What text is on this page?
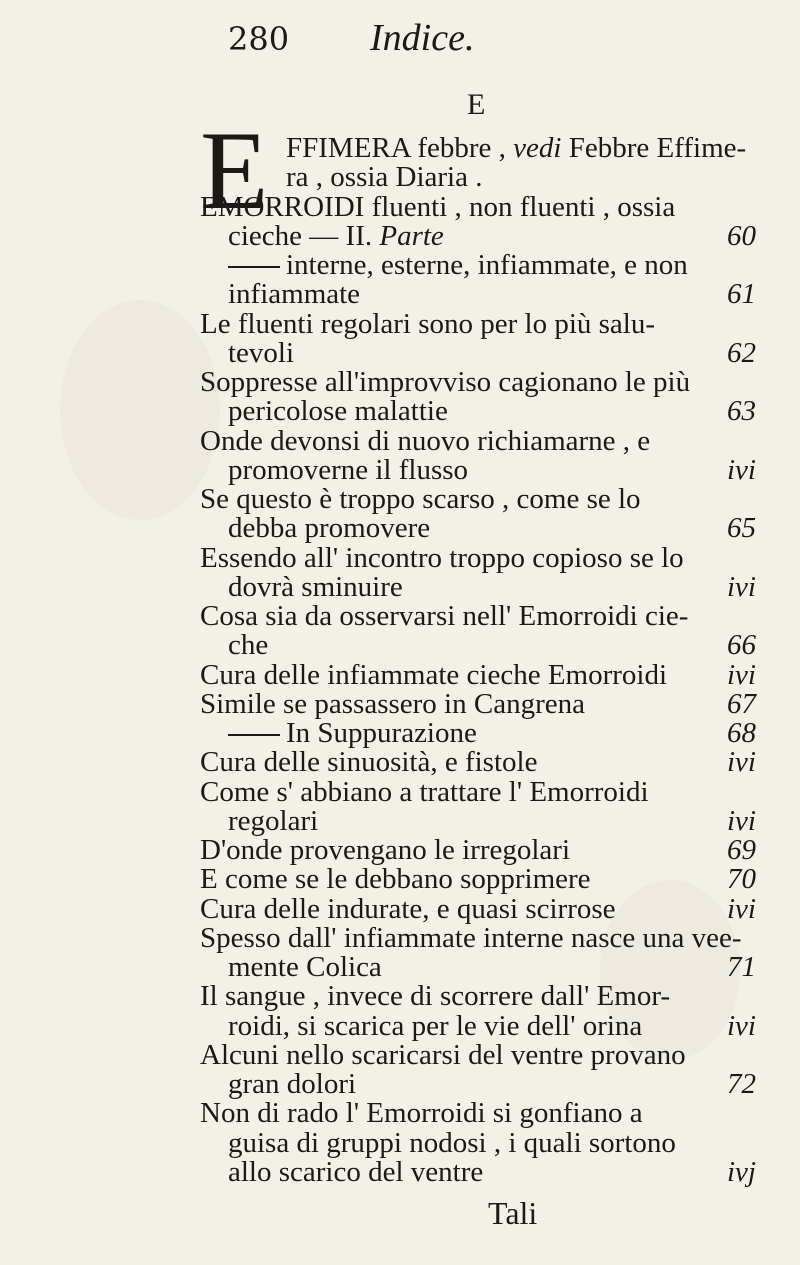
280 Indice.
E
E FFIMERA febbre , vedi Febbre Effime-
ra , ossia Diaria .
EMORROIDI fluenti , non fluenti , ossia
cieche — II. Parte	60
interne, esterne, infiammate, e non
infiammate	61
Le fluenti regolari sono per lo più salu-
tevoli	62
Soppresse all'improvviso cagionano le più
pericolose malattie	63
Onde devonsi di nuovo richiamarne , e
promoverne il flusso	ivi
Se questo è troppo scarso , come se lo
debba promovere	65
Essendo all' incontro troppo copioso se lo
dovrà sminuire	ivi
Cosa sia da osservarsi nell' Emorroidi cie-
che	66
Cura delle infiammate cieche Emorroidi ivi
Simile se passassero in Cangrena	67
In Suppurazione	68
Cura delle sinuosità, e fistole	ivi
Come s' abbiano a trattare l' Emorroidi
regolari	ivi
D'onde provengano le irregolari	69
E come se le debbano sopprimere	70
Cura delle indurate, e quasi scirrose	ivi
Spesso dall' infiammate interne nasce una vee-
mente Colica	71
Il sangue , invece di scorrere dall' Emor-
roidi, si scarica per le vie dell' orina	ivi
Alcuni nello scaricarsi del ventre provano
gran dolori	72
Non di rado l' Emorroidi si gonfiano a
guisa di gruppi nodosi , i quali sortono
allo scarico del ventre	ivj
Tali
